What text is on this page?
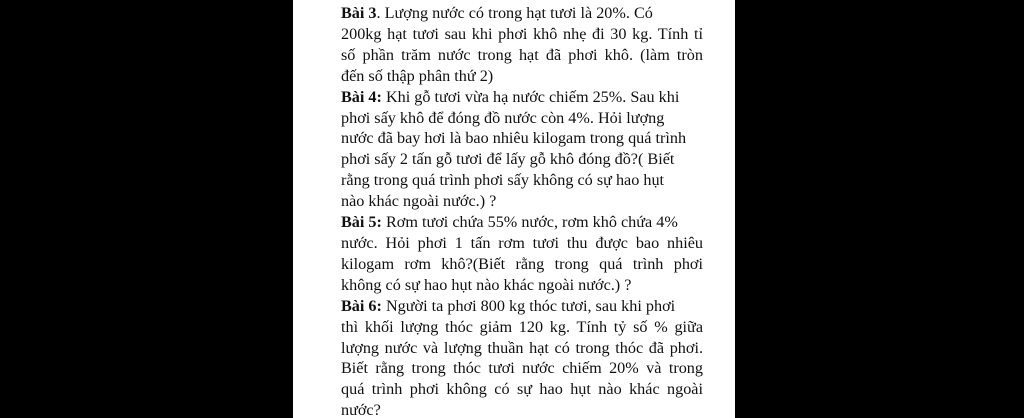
Bài 3. Lượng nước có trong hạt tươi là 20%. Có
200kg hạt tươi sau khi phơi khô nhẹ đi 30 kg. Tính tỉ
số phần trăm nước trong hạt đã phơi khô. (làm tròn
đến số thập phân thứ 2)
Bài 4: Khi gỗ tươi vừa hạ nước chiếm 25%. Sau khi
phơi sấy khô để đóng đồ nước còn 4%. Hỏi lượng
nước đã bay hơi là bao nhiêu kilogam trong quá trình
phơi sấy 2 tấn gỗ tươi để lấy gỗ khô đóng đồ?( Biết
rằng trong quá trình phơi sấy không có sự hao hụt
nào khác ngoài nước.) ?
Bài 5: Rơm tươi chứa 55% nước, rơm khô chứa 4%
nước. Hỏi phơi 1 tấn rơm tươi thu được bao nhiêu
kilogam rơm khô?(Biết rằng trong quá trình phơi
không có sự hao hụt nào khác ngoài nước.) ?
Bài 6: Người ta phơi 800 kg thóc tươi, sau khi phơi
thì khối lượng thóc giảm 120 kg. Tính tỷ số % giữa
lượng nước và lượng thuần hạt có trong thóc đã phơi.
Biết rằng trong thóc tươi nước chiếm 20% và trong
quá trình phơi không có sự hao hụt nào khác ngoài
nước?
